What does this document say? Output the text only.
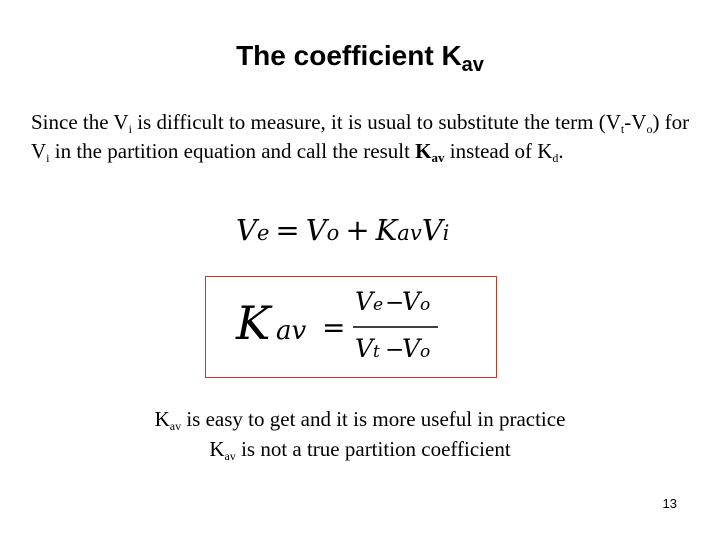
The coefficient $K_{av}$
Since the $V_i$ is difficult to measure, it is usual to substitute the term $(V_t-V_o)$ for $V_i$ in the partition equation and call the result $K_{av}$ instead of $K_d$.
Ve = Vo + KavVi
K av =
V e −
V o
V t −
V o
$K_{av}$ is easy to get and it is more useful in practice
$K_{av}$ is not a true partition coefficient
13
